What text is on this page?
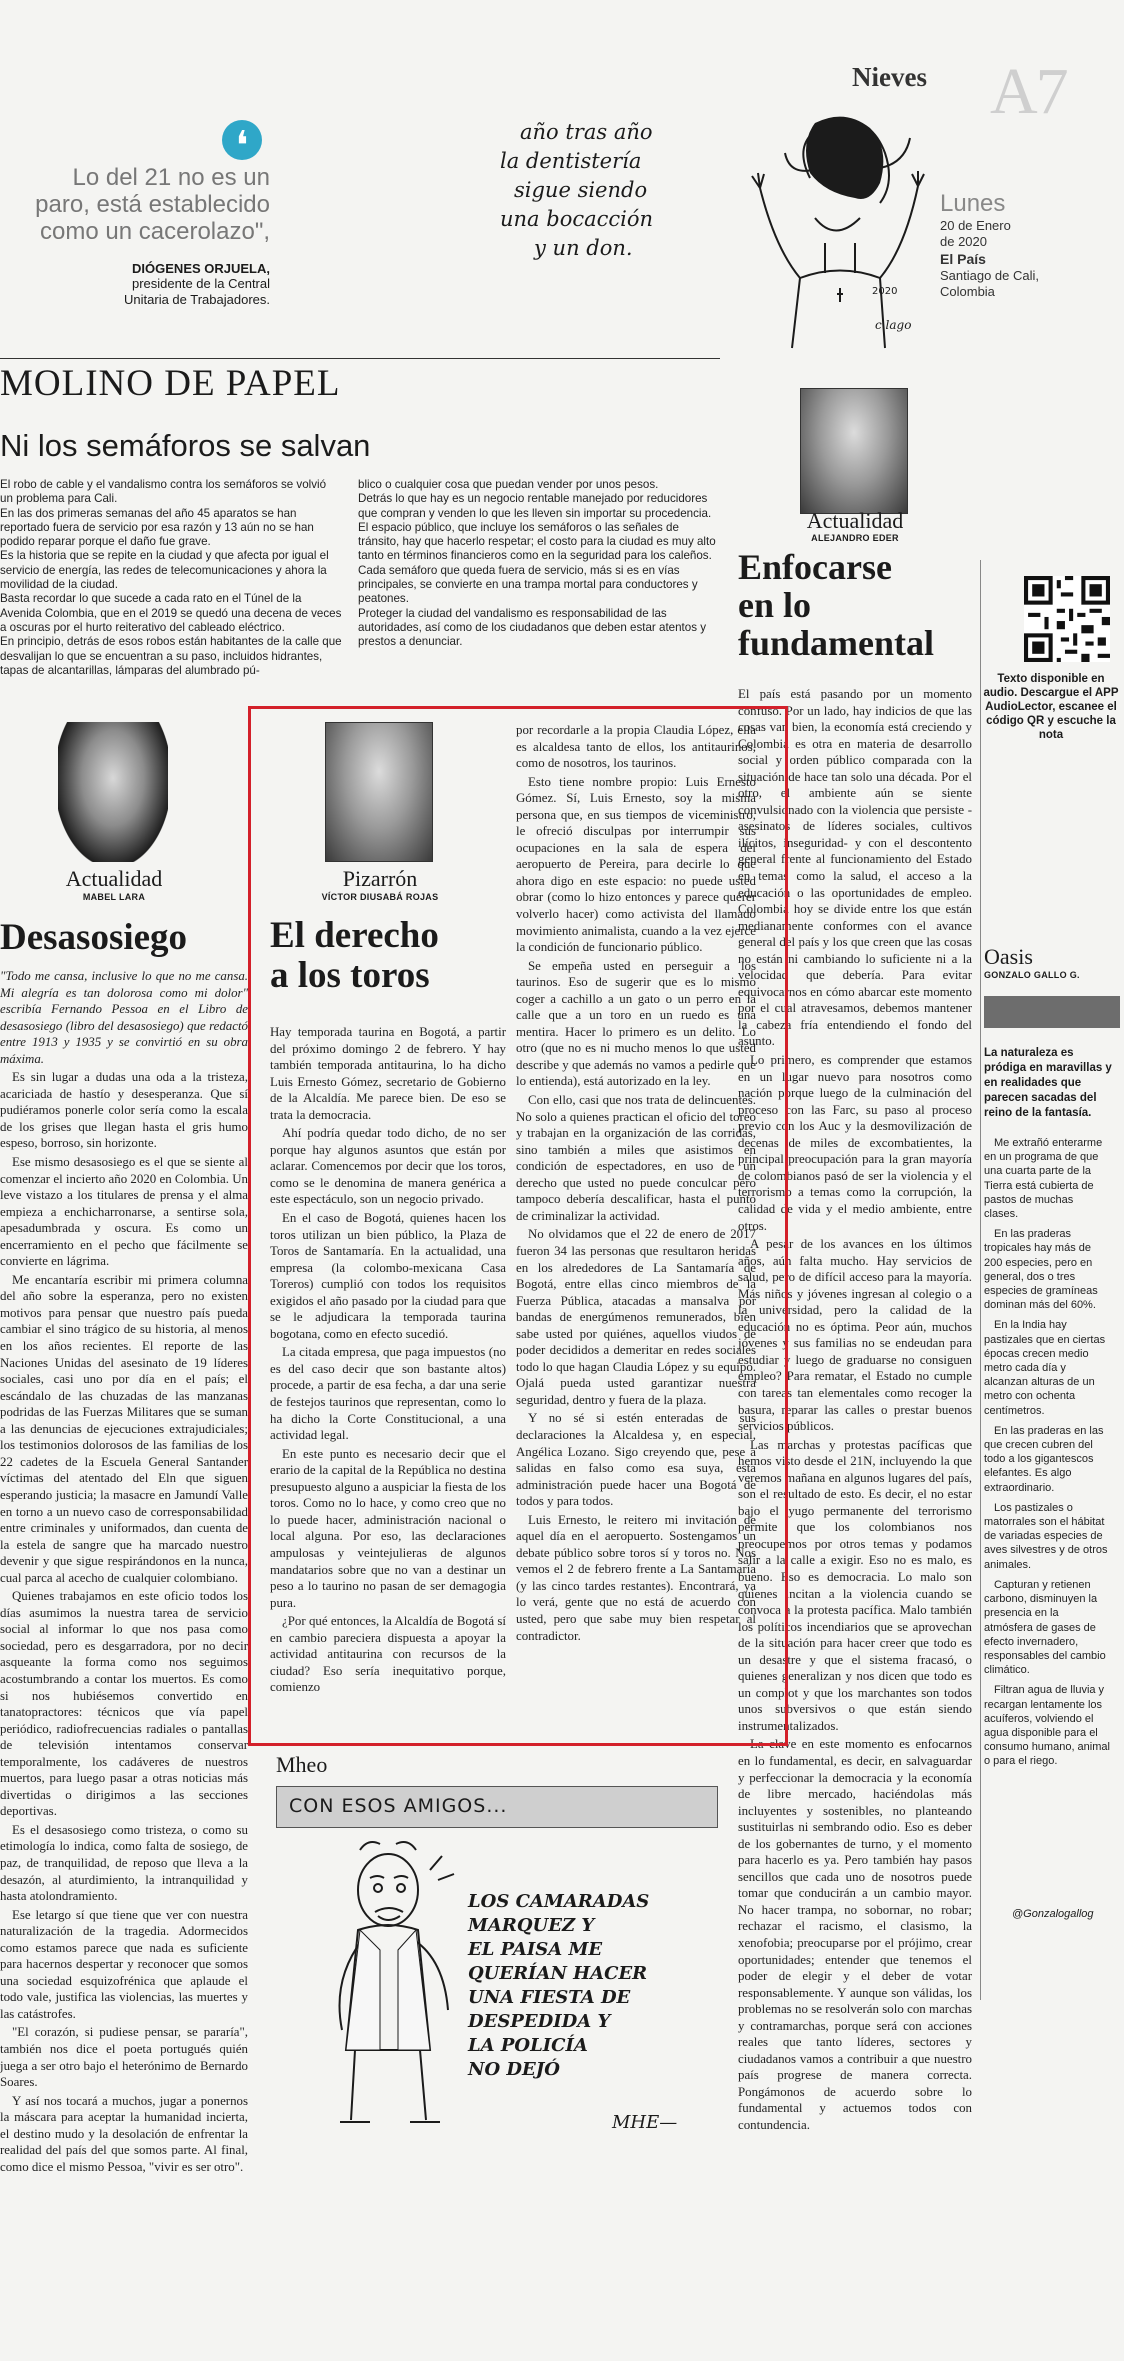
Nieves A7
Lunes
20 de Enero de 2020
El País
Santiago de Cali, Colombia
❛
Lo del 21 no es un paro, está establecido como un cacerolazo",
DIÓGENES ORJUELA,
presidente de la Central Unitaria de Trabajadores.
año tras año
la dentistería
sigue siendo
una bocacción
y un don.
2020
c.lago
MOLINO DE PAPEL
Ni los semáforos se salvan
El robo de cable y el vandalismo contra los semáforos se volvió un problema para Cali.
En las dos primeras semanas del año 45 aparatos se han reportado fuera de servicio por esa razón y 13 aún no se han podido reparar porque el daño fue grave.
Es la historia que se repite en la ciudad y que afecta por igual el servicio de energía, las redes de telecomunicaciones y ahora la movilidad de la ciudad.
Basta recordar lo que sucede a cada rato en el Túnel de la Avenida Colombia, que en el 2019 se quedó una decena de veces a oscuras por el hurto reiterativo del cableado eléctrico.
En principio, detrás de esos robos están habitantes de la calle que desvalijan lo que se encuentran a su paso, incluidos hidrantes, tapas de alcantarillas, lámparas del alumbrado pú-
blico o cualquier cosa que puedan vender por unos pesos.
Detrás lo que hay es un negocio rentable manejado por reducidores que compran y venden lo que les lleven sin importar su procedencia.
El espacio público, que incluye los semáforos o las señales de tránsito, hay que hacerlo respetar; el costo para la ciudad es muy alto tanto en términos financieros como en la seguridad para los caleños.
Cada semáforo que queda fuera de servicio, más si es en vías principales, se convierte en una trampa mortal para conductores y peatones.
Proteger la ciudad del vandalismo es responsabilidad de las autoridades, así como de los ciudadanos que deben estar atentos y prestos a denunciar.
Actualidad
ALEJANDRO EDER
Enfocarse
en lo
fundamental

El país está pasando por un momento confuso. Por un lado, hay indicios de que las cosas van bien, la economía está creciendo y Colombia es otra en materia de desarrollo social y orden público comparada con la situación de hace tan solo una década. Por el otro, el ambiente aún se siente convulsionado con la violencia que persiste -asesinatos de líderes sociales, cultivos ilícitos, inseguridad- y con el descontento general frente al funcionamiento del Estado en temas como la salud, el acceso a la educación o las oportunidades de empleo. Colombia hoy se divide entre los que están medianamente conformes con el avance general del país y los que creen que las cosas no están ni cambiando lo suficiente ni a la velocidad que debería. Para evitar equivocarnos en cómo abarcar este momento por el cual atravesamos, debemos mantener la cabeza fría entendiendo el fondo del asunto.

Lo primero, es comprender que estamos en un lugar nuevo para nosotros como nación porque luego de la culminación del proceso con las Farc, su paso al proceso previo con los Auc y la desmovilización de decenas de miles de excombatientes, la principal preocupación para la gran mayoría de colombianos pasó de ser la violencia y el terrorismo a temas como la corrupción, la calidad de vida y el medio ambiente, entre otros.

A pesar de los avances en los últimos años, aún falta mucho. Hay servicios de salud, pero de difícil acceso para la mayoría. Más niños y jóvenes ingresan al colegio o a la universidad, pero la calidad de la educación no es óptima. Peor aún, muchos jóvenes y sus familias no se endeudan para estudiar y luego de graduarse no consiguen empleo? Para rematar, el Estado no cumple con tareas tan elementales como recoger la basura, reparar las calles o prestar buenos servicios públicos.

Las marchas y protestas pacíficas que hemos visto desde el 21N, incluyendo la que veremos mañana en algunos lugares del país, son el resultado de esto. Es decir, el no estar bajo el yugo permanente del terrorismo permite que los colombianos nos preocupemos por otros temas y podamos salir a la calle a exigir. Eso no es malo, es bueno. Eso es democracia. Lo malo son quienes incitan a la violencia cuando se convoca a la protesta pacífica. Malo también los políticos incendiarios que se aprovechan de la situación para hacer creer que todo es un desastre y que el sistema fracasó, o quienes generalizan y nos dicen que todo es un complot y que los marchantes son todos unos subversivos o que están siendo instrumentalizados.

La clave en este momento es enfocarnos en lo fundamental, es decir, en salvaguardar y perfeccionar la democracia y la economía de libre mercado, haciéndolas más incluyentes y sostenibles, no planteando sustituirlas ni sembrando odio. Eso es deber de los gobernantes de turno, y el momento para hacerlo es ya. Pero también hay pasos sencillos que cada uno de nosotros puede tomar que conducirán a un cambio mayor. No hacer trampa, no sobornar, no robar; rechazar el racismo, el clasismo, la xenofobia; preocuparse por el prójimo, crear oportunidades; entender que tenemos el poder de elegir y el deber de votar responsablemente. Y aunque son válidas, los problemas no se resolverán solo con marchas y contramarchas, porque será con acciones reales que tanto líderes, sectores y ciudadanos vamos a contribuir a que nuestro país progrese de manera correcta. Pongámonos de acuerdo sobre lo fundamental y actuemos todos con contundencia.

Texto disponible en audio. Descargue el APP AudioLector, escanee el código QR y escuche la nota
Oasis
GONZALO GALLO G.
La naturaleza es pródiga en maravillas y en realidades que parecen sacadas del reino de la fantasía.

Me extrañó enterarme en un programa de que una cuarta parte de la Tierra está cubierta de pastos de muchas clases.

En las praderas tropicales hay más de 200 especies, pero en general, dos o tres especies de gramíneas dominan más del 60%.

En la India hay pastizales que en ciertas épocas crecen medio metro cada día y alcanzan alturas de un metro con ochenta centímetros.

En las praderas en las que crecen cubren del todo a los gigantescos elefantes. Es algo extraordinario.

Los pastizales o matorrales son el hábitat de variadas especies de aves silvestres y de otros animales.

Capturan y retienen carbono, disminuyen la presencia en la atmósfera de gases de efecto invernadero, responsables del cambio climático.

Filtran agua de lluvia y recargan lentamente los acuíferos, volviendo el agua disponible para el consumo humano, animal o para el riego.

@Gonzalogallog
Actualidad
MABEL LARA
Desasosiego

"Todo me cansa, inclusive lo que no me cansa. Mi alegría es tan dolorosa como mi dolor" escribía Fernando Pessoa en el Libro de desasosiego (libro del desasosiego) que redactó entre 1913 y 1935 y se convirtió en su obra máxima.

Es sin lugar a dudas una oda a la tristeza, acariciada de hastío y desesperanza. Que sí pudiéramos ponerle color sería como la escala de los grises que llegan hasta el gris humo espeso, borroso, sin horizonte.

Ese mismo desasosiego es el que se siente al comenzar el incierto año 2020 en Colombia. Un leve vistazo a los titulares de prensa y el alma empieza a enchicharronarse, a sentirse sola, apesadumbrada y oscura. Es como un encerramiento en el pecho que fácilmente se convierte en lágrima.

Me encantaría escribir mi primera columna del año sobre la esperanza, pero no existen motivos para pensar que nuestro país pueda cambiar el sino trágico de su historia, al menos en los años recientes. El reporte de las Naciones Unidas del asesinato de 19 líderes sociales, casi uno por día en el país; el escándalo de las chuzadas de las manzanas podridas de las Fuerzas Militares que se suman a las denuncias de ejecuciones extrajudiciales; los testimonios dolorosos de las familias de los 22 cadetes de la Escuela General Santander víctimas del atentado del Eln que siguen esperando justicia; la masacre en Jamundí Valle en torno a un nuevo caso de corresponsabilidad entre criminales y uniformados, dan cuenta de la estela de sangre que ha marcado nuestro devenir y que sigue respirándonos en la nunca, cual parca al acecho de cualquier colombiano.

Quienes trabajamos en este oficio todos los días asumimos la nuestra tarea de servicio social al informar lo que nos pasa como sociedad, pero es desgarradora, por no decir asqueante la forma como nos seguimos acostumbrando a contar los muertos. Es como si nos hubiésemos convertido en tanatopractores: técnicos que vía papel periódico, radiofrecuencias radiales o pantallas de televisión intentamos conservar temporalmente, los cadáveres de nuestros muertos, para luego pasar a otras noticias más divertidas o dirigimos a las secciones deportivas.

Es el desasosiego como tristeza, o como su etimología lo indica, como falta de sosiego, de paz, de tranquilidad, de reposo que lleva a la desazón, al aturdimiento, la intranquilidad y hasta atolondramiento.

Ese letargo sí que tiene que ver con nuestra naturalización de la tragedia. Adormecidos como estamos parece que nada es suficiente para hacernos despertar y reconocer que somos una sociedad esquizofrénica que aplaude el todo vale, justifica las violencias, las muertes y las catástrofes.

"El corazón, si pudiese pensar, se pararía", también nos dice el poeta portugués quién juega a ser otro bajo el heterónimo de Bernardo Soares.

Y así nos tocará a muchos, jugar a ponernos la máscara para aceptar la humanidad incierta, el destino mudo y la desolación de enfrentar la realidad del país del que somos parte. Al final, como dice el mismo Pessoa, "vivir es ser otro".

Pizarrón
VÍCTOR DIUSABÁ ROJAS
El derecho
a los toros

Hay temporada taurina en Bogotá, a partir del próximo domingo 2 de febrero. Y hay también temporada antitaurina, lo ha dicho Luis Ernesto Gómez, secretario de Gobierno de la Alcaldía. Me parece bien. De eso se trata la democracia.

Ahí podría quedar todo dicho, de no ser porque hay algunos asuntos que están por aclarar. Comencemos por decir que los toros, como se le denomina de manera genérica a este espectáculo, son un negocio privado.

En el caso de Bogotá, quienes hacen los toros utilizan un bien público, la Plaza de Toros de Santamaría. En la actualidad, una empresa (la colombo-mexicana Casa Toreros) cumplió con todos los requisitos exigidos el año pasado por la ciudad para que se le adjudicara la temporada taurina bogotana, como en efecto sucedió.

La citada empresa, que paga impuestos (no es del caso decir que son bastante altos) procede, a partir de esa fecha, a dar una serie de festejos taurinos que representan, como lo ha dicho la Corte Constitucional, a una actividad legal.

En este punto es necesario decir que el erario de la capital de la República no destina presupuesto alguno a auspiciar la fiesta de los toros. Como no lo hace, y como creo que no lo puede hacer, administración nacional o local alguna. Por eso, las declaraciones ampulosas y veintejulieras de algunos mandatarios sobre que no van a destinar un peso a lo taurino no pasan de ser demagogia pura.

¿Por qué entonces, la Alcaldía de Bogotá sí en cambio pareciera dispuesta a apoyar la actividad antitaurina con recursos de la ciudad? Eso sería inequitativo porque, comienzo

por recordarle a la propia Claudia López, ella es alcaldesa tanto de ellos, los antitaurinos, como de nosotros, los taurinos.

Esto tiene nombre propio: Luis Ernesto Gómez. Sí, Luis Ernesto, soy la misma persona que, en sus tiempos de viceministro, le ofreció disculpas por interrumpir sus ocupaciones en la sala de espera del aeropuerto de Pereira, para decirle lo que ahora digo en este espacio: no puede usted obrar (como lo hizo entonces y parece querer volverlo hacer) como activista del llamado movimiento animalista, cuando a la vez ejerce la condición de funcionario público.

Se empeña usted en perseguir a los taurinos. Eso de sugerir que es lo mismo coger a cachillo a un gato o un perro en la calle que a un toro en un ruedo es una mentira. Hacer lo primero es un delito. Lo otro (que no es ni mucho menos lo que usted describe y que además no vamos a pedirle que lo entienda), está autorizado en la ley.

Con ello, casi que nos trata de delincuentes. No solo a quienes practican el oficio del toreo y trabajan en la organización de las corridas, sino también a miles que asistimos en condición de espectadores, en uso de un derecho que usted no puede conculcar pero tampoco debería descalificar, hasta el punto de criminalizar la actividad.

No olvidamos que el 22 de enero de 2017 fueron 34 las personas que resultaron heridas en los alrededores de La Santamaría de Bogotá, entre ellas cinco miembros de la Fuerza Pública, atacadas a mansalva por bandas de energúmenos remunerados, bien sabe usted por quiénes, aquellos viudos de poder decididos a demeritar en redes sociales todo lo que hagan Claudia López y su equipo. Ojalá pueda usted garantizar nuestra seguridad, dentro y fuera de la plaza.

Y no sé si estén enteradas de sus declaraciones la Alcaldesa y, en especial, Angélica Lozano. Sigo creyendo que, pese a salidas en falso como esa suya, esta administración puede hacer una Bogotá de todos y para todos.

Luis Ernesto, le reitero mi invitación de aquel día en el aeropuerto. Sostengamos un debate público sobre toros sí y toros no. Nos vemos el 2 de febrero frente a La Santamaría (y las cinco tardes restantes). Encontrará, ya lo verá, gente que no está de acuerdo con usted, pero que sabe muy bien respetar al contradictor.

Mheo
CON ESOS AMIGOS...
LOS CAMARADAS
MARQUEZ Y
EL PAISA ME
QUERÍAN HACER
UNA FIESTA DE
DESPEDIDA Y
LA POLICÍA
NO DEJÓ
MHE—
